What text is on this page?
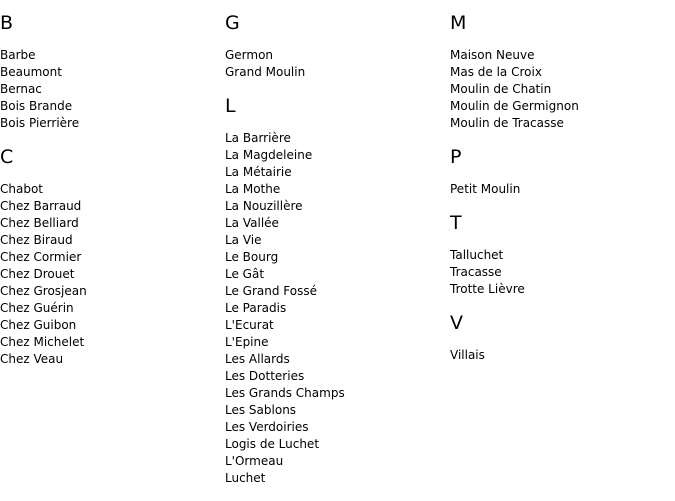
B
Barbe
Beaumont
Bernac
Bois Brande
Bois Pierrière
C
Chabot
Chez Barraud
Chez Belliard
Chez Biraud
Chez Cormier
Chez Drouet
Chez Grosjean
Chez Guérin
Chez Guibon
Chez Michelet
Chez Veau
G
Germon
Grand Moulin
L
La Barrière
La Magdeleine
La Métairie
La Mothe
La Nouzillère
La Vallée
La Vie
Le Bourg
Le Gât
Le Grand Fossé
Le Paradis
L'Ecurat
L'Epine
Les Allards
Les Dotteries
Les Grands Champs
Les Sablons
Les Verdoiries
Logis de Luchet
L'Ormeau
Luchet
M
Maison Neuve
Mas de la Croix
Moulin de Chatin
Moulin de Germignon
Moulin de Tracasse
P
Petit Moulin
T
Talluchet
Tracasse
Trotte Lièvre
V
Villais
